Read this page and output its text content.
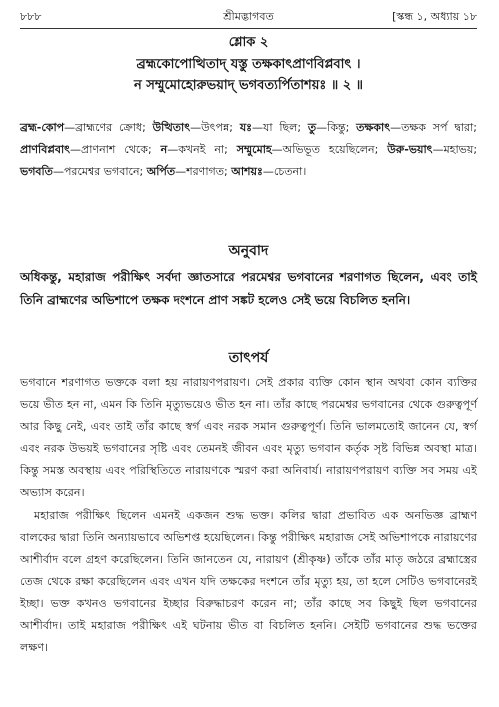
৮৮৮	শ্রীমদ্ভাগবত	[স্কন্ধ ১, অধ্যায় ১৮
শ্লোক ২
ব্রহ্মকোপোত্থিতাদ্ যস্তু তক্ষকাৎপ্রাণবিপ্লবাৎ ।
ন সম্মুমোহোরুভয়াদ্ ভগবত্যর্পিতাশয়ঃ ॥ ২ ॥
ব্রহ্ম-কোপ—ব্রাহ্মণের ক্রোধ; উত্থিতাৎ—উৎপন্ন; যঃ—যা ছিল; তু—কিন্তু; তক্ষকাৎ—তক্ষক সর্প দ্বারা; প্রাণবিপ্লবাৎ—প্রাণনাশ থেকে; ন—কখনই না; সম্মুমোহ—অভিভূত হয়েছিলেন; উরু-ভয়াৎ—মহাভয়; ভগবতি—পরমেশ্বর ভগবানে; অর্পিত—শরণাগত; আশয়ঃ—চেতনা।
অনুবাদ
অধিকন্তু, মহারাজ পরীক্ষিৎ সর্বদা জ্ঞাতসারে পরমেশ্বর ভগবানের শরণাগত ছিলেন, এবং তাই তিনি ব্রাহ্মণের অভিশাপে তক্ষক দংশনে প্রাণ সঙ্কট হলেও সেই ভয়ে বিচলিত হননি।
তাৎপর্য

ভগবানে শরণাগত ভক্তকে বলা হয় নারায়ণপরায়ণ। সেই প্রকার ব্যক্তি কোন স্থান অথবা কোন ব্যক্তির ভয়ে ভীত হন না, এমন কি তিনি মৃত্যুভয়েও ভীত হন না। তাঁর কাছে পরমেশ্বর ভগবানের থেকে গুরুত্বপূর্ণ আর কিছু নেই, এবং তাই তাঁর কাছে স্বর্গ এবং নরক সমান গুরুত্বপূর্ণ। তিনি ভালমতোই জানেন যে, স্বর্গ এবং নরক উভয়ই ভগবানের সৃষ্টি এবং তেমনই জীবন এবং মৃত্যু ভগবান কর্তৃক সৃষ্ট বিভিন্ন অবস্থা মাত্র। কিন্তু সমস্ত অবস্থায় এবং পরিস্থিতিতে নারায়ণকে স্মরণ করা অনিবার্য। নারায়ণপরায়ণ ব্যক্তি সব সময় এই অভ্যাস করেন।

মহারাজ পরীক্ষিৎ ছিলেন এমনই একজন শুদ্ধ ভক্ত। কলির দ্বারা প্রভাবিত এক অনভিজ্ঞ ব্রাহ্মণ বালকের দ্বারা তিনি অন্যায়ভাবে অভিশপ্ত হয়েছিলেন। কিন্তু পরীক্ষিৎ মহারাজ সেই অভিশাপকে নারায়ণের আশীর্বাদ বলে গ্রহণ করেছিলেন। তিনি জানতেন যে, নারায়ণ (শ্রীকৃষ্ণ) তাঁকে তাঁর মাতৃ জঠরে ব্রহ্মাস্ত্রের তেজ থেকে রক্ষা করেছিলেন এবং এখন যদি তক্ষকের দংশনে তাঁর মৃত্যু হয়, তা হলে সেটিও ভগবানেরই ইচ্ছা। ভক্ত কখনও ভগবানের ইচ্ছার বিরুদ্ধাচরণ করেন না; তাঁর কাছে সব কিছুই ছিল ভগবানের আশীর্বাদ। তাই মহারাজ পরীক্ষিৎ এই ঘটনায় ভীত বা বিচলিত হননি। সেইটি ভগবানের শুদ্ধ ভক্তের লক্ষণ।
